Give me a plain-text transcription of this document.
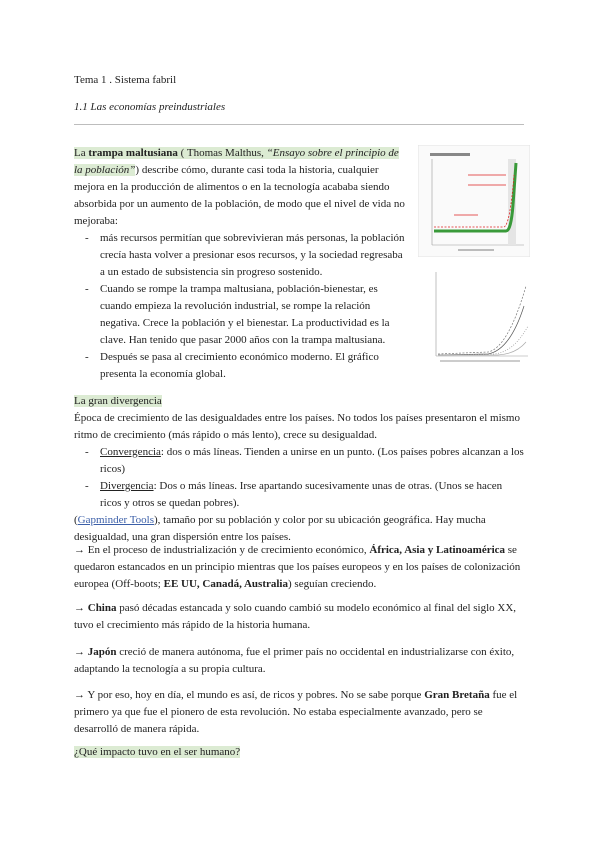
Tema 1 . Sistema fabril
1.1 Las economías preindustriales

La trampa maltusiana ( Thomas Malthus, “Ensayo sobre el principio de la población”) describe cómo, durante casi toda la historia, cualquier mejora en la producción de alimentos o en la tecnología acababa siendo absorbida por un aumento de la población, de modo que el nivel de vida no mejoraba:

- más recursos permitían que sobrevivieran más personas, la población crecía hasta volver a presionar esos recursos, y la sociedad regresaba a un estado de subsistencia sin progreso sostenido.
- Cuando se rompe la trampa maltusiana, población-bienestar, es cuando empieza la revolución industrial, se rompe la relación negativa. Crece la población y el bienestar. La productividad es la clave. Han tenido que pasar 2000 años con la trampa maltusiana.
- Después se pasa al crecimiento económico moderno. El gráfico presenta la economía global.

La gran divergencia

Época de crecimiento de las desigualdades entre los países. No todos los países presentaron el mismo ritmo de crecimiento (más rápido o más lento), crece su desigualdad.

- Convergencia: dos o más líneas. Tienden a unirse en un punto. (Los países pobres alcanzan a los ricos)
- Divergencia: Dos o más líneas. Irse apartando sucesivamente unas de otras. (Unos se hacen ricos y otros se quedan pobres).

(Gapminder Tools), tamaño por su población y color por su ubicación geográfica. Hay mucha desigualdad, una gran dispersión entre los países.

→ En el proceso de industrialización y de crecimiento económico, África, Asia y Latinoamérica se quedaron estancados en un principio mientras que los países europeos y en los países de colonización europea (Off-boots; EE UU, Canadá, Australia) seguían creciendo.
→ China pasó décadas estancada y solo cuando cambió su modelo económico al final del siglo XX, tuvo el crecimiento más rápido de la historia humana.
→ Japón creció de manera autónoma, fue el primer país no occidental en industrializarse con éxito, adaptando la tecnología a su propia cultura.
→ Y por eso, hoy en día, el mundo es así, de ricos y pobres. No se sabe porque Gran Bretaña fue el primero ya que fue el pionero de esta revolución. No estaba especialmente avanzado, pero se desarrolló de manera rápida.
¿Qué impacto tuvo en el ser humano?
